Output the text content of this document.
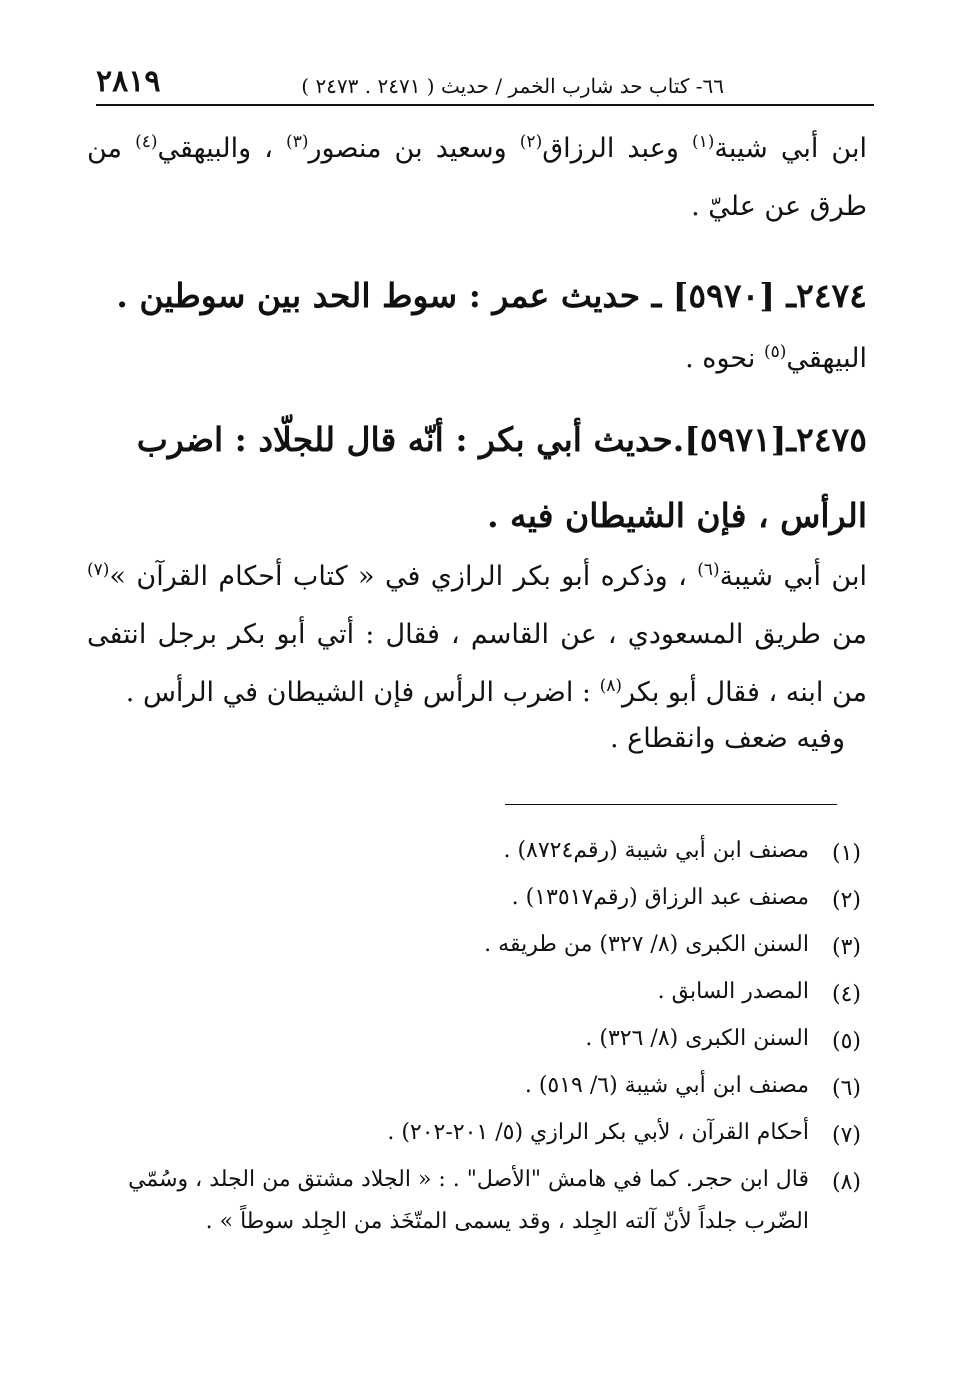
٢٨١٩	٦٦- كتاب حد شارب الخمر / حديث ( ٢٤٧١ . ٢٤٧٣ )

ابن أبي شيبة$^{(١)}$ وعبد الرزاق$^{(٢)}$ وسعيد بن منصور$^{(٣)}$ ، والبيهقي$^{(٤)}$ من طرق عن عليّ .

٢٤٧٤ـ [٥٩٧٠] ـ حديث عمر : سوط الحد بين سوطين .

البيهقي$^{(٥)}$ نحوه .

٢٤٧٥ـ[٥٩٧١].حديث أبي بكر : أنّه قال للجلّاد : اضرب الرأس ، فإن الشيطان فيه .

ابن أبي شيبة$^{(٦)}$ ، وذكره أبو بكر الرازي في « كتاب أحكام القرآن »$^{(٧)}$ من طريق المسعودي ، عن القاسم ، فقال : أتي أبو بكر برجل انتفى من ابنه ، فقال أبو بكر$^{(٨)}$ : اضرب الرأس فإن الشيطان في الرأس .

وفيه ضعف وانقطاع .

(١)
مصنف ابن أبي شيبة (رقم٨٧٢٤) .
(٢)
مصنف عبد الرزاق (رقم١٣٥١٧) .
(٣)
السنن الكبرى (٨/ ٣٢٧) من طريقه .
(٤)
المصدر السابق .
(٥)
السنن الكبرى (٨/ ٣٢٦) .
(٦)
مصنف ابن أبي شيبة (٦/ ٥١٩) .
(٧)
أحكام القرآن ، لأبي بكر الرازي (٥/ ٢٠١-٢٠٢) .
(٨)
قال ابن حجر. كما في هامش "الأصل" . : « الجلاد مشتق من الجلد ، وسُمّي الضّرب جلداً لأنّ آلته الجِلد ، وقد يسمى المتّخَذ من الجِلد سوطاً » .
